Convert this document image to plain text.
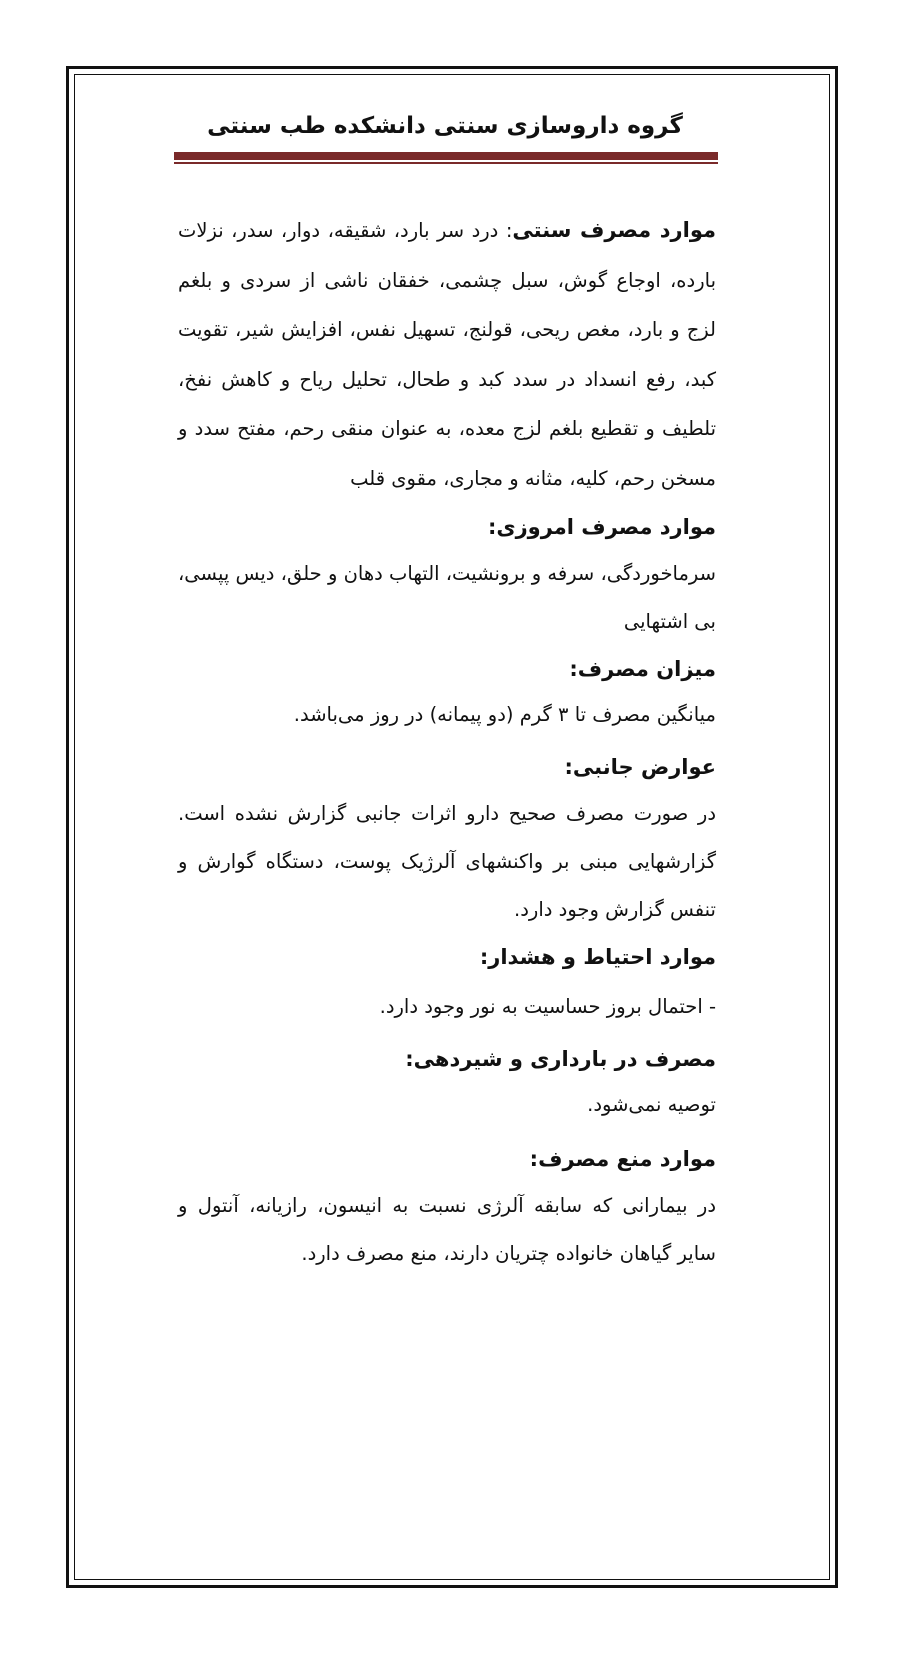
گروه داروسازی سنتی دانشکده طب سنتی

موارد مصرف سنتی: درد سر بارد، شقیقه، دوار، سدر، نزلات بارده، اوجاع گوش، سبل چشمی، خفقان ناشی از سردی و بلغم لزج و بارد، مغص ریحی، قولنج، تسهیل نفس، افزایش شیر، تقویت کبد، رفع انسداد در سدد کبد و طحال، تحلیل ریاح و کاهش نفخ، تلطیف و تقطیع بلغم لزج معده، به عنوان منقی رحم، مفتح سدد و مسخن رحم، کلیه، مثانه و مجاری، مقوی قلب

موارد مصرف امروزی:

سرماخوردگی، سرفه و برونشیت، التهاب دهان و حلق، دیس پپسی، بی اشتهایی

میزان مصرف:

میانگین مصرف تا ۳ گرم (دو پیمانه) در روز می‌باشد.

عوارض جانبی:

در صورت مصرف صحیح دارو اثرات جانبی گزارش نشده است. گزارشهایی مبنی بر واکنشهای آلرژیک پوست، دستگاه گوارش و تنفس گزارش وجود دارد.

موارد احتیاط و هشدار:

- احتمال بروز حساسیت به نور وجود دارد.

مصرف در بارداری و شیردهی:

توصیه نمی‌شود.

موارد منع مصرف:

در بیمارانی که سابقه آلرژی نسبت به انیسون، رازیانه، آنتول و سایر گیاهان خانواده چتریان دارند، منع مصرف دارد.
